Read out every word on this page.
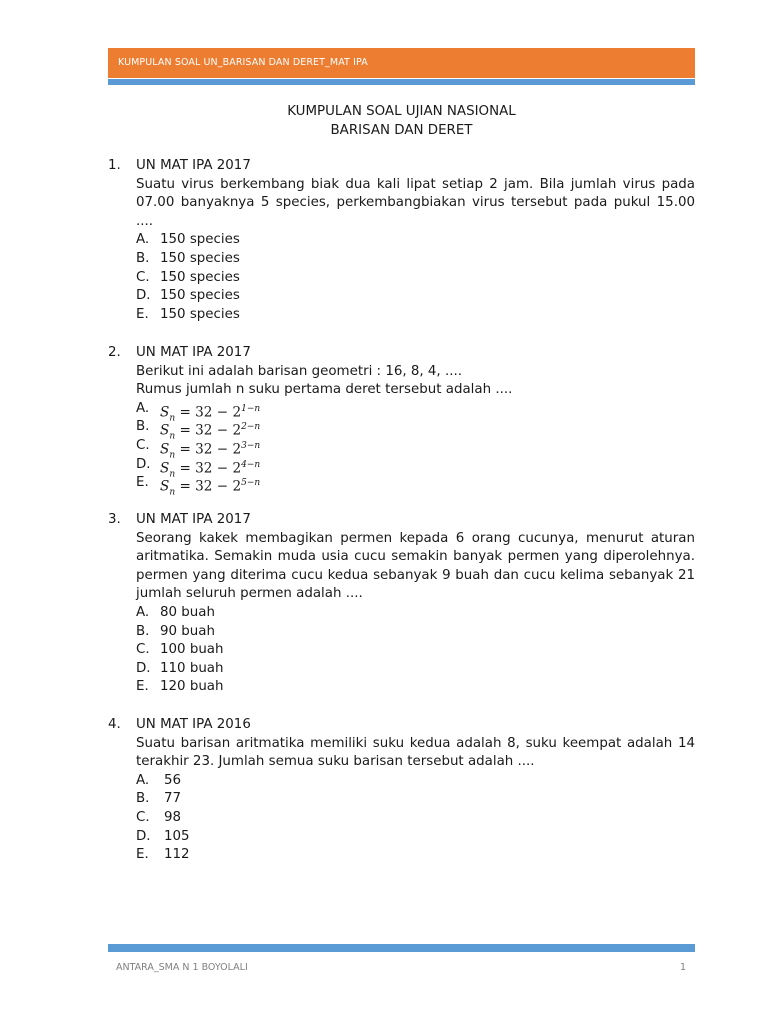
KUMPULAN SOAL UN_BARISAN DAN DERET_MAT IPA
KUMPULAN SOAL UJIAN NASIONAL
BARISAN DAN DERET
1. UN MAT IPA 2017
Suatu virus berkembang biak dua kali lipat setiap 2 jam. Bila jumlah virus pada
07.00 banyaknya 5 species, perkembangbiakan virus tersebut pada pukul 15.00
....
A. 150 species
B. 150 species
C. 150 species
D. 150 species
E. 150 species
2. UN MAT IPA 2017
Berikut ini adalah barisan geometri : 16, 8, 4, ....
Rumus jumlah n suku pertama deret tersebut adalah ....
A. $S_n = 32 - 2^{1-n}$
B. $S_n = 32 - 2^{2-n}$
C. $S_n = 32 - 2^{3-n}$
D. $S_n = 32 - 2^{4-n}$
E. $S_n = 32 - 2^{5-n}$
3. UN MAT IPA 2017
Seorang kakek membagikan permen kepada 6 orang cucunya, menurut aturan
aritmatika. Semakin muda usia cucu semakin banyak permen yang diperolehnya.
permen yang diterima cucu kedua sebanyak 9 buah dan cucu kelima sebanyak 21
jumlah seluruh permen adalah ....
A. 80 buah
B. 90 buah
C. 100 buah
D. 110 buah
E. 120 buah
4. UN MAT IPA 2016
Suatu barisan aritmatika memiliki suku kedua adalah 8, suku keempat adalah 14
terakhir 23. Jumlah semua suku barisan tersebut adalah ....
A. 56
B. 77
C. 98
D. 105
E. 112
ANTARA_SMA N 1 BOYOLALI	1
